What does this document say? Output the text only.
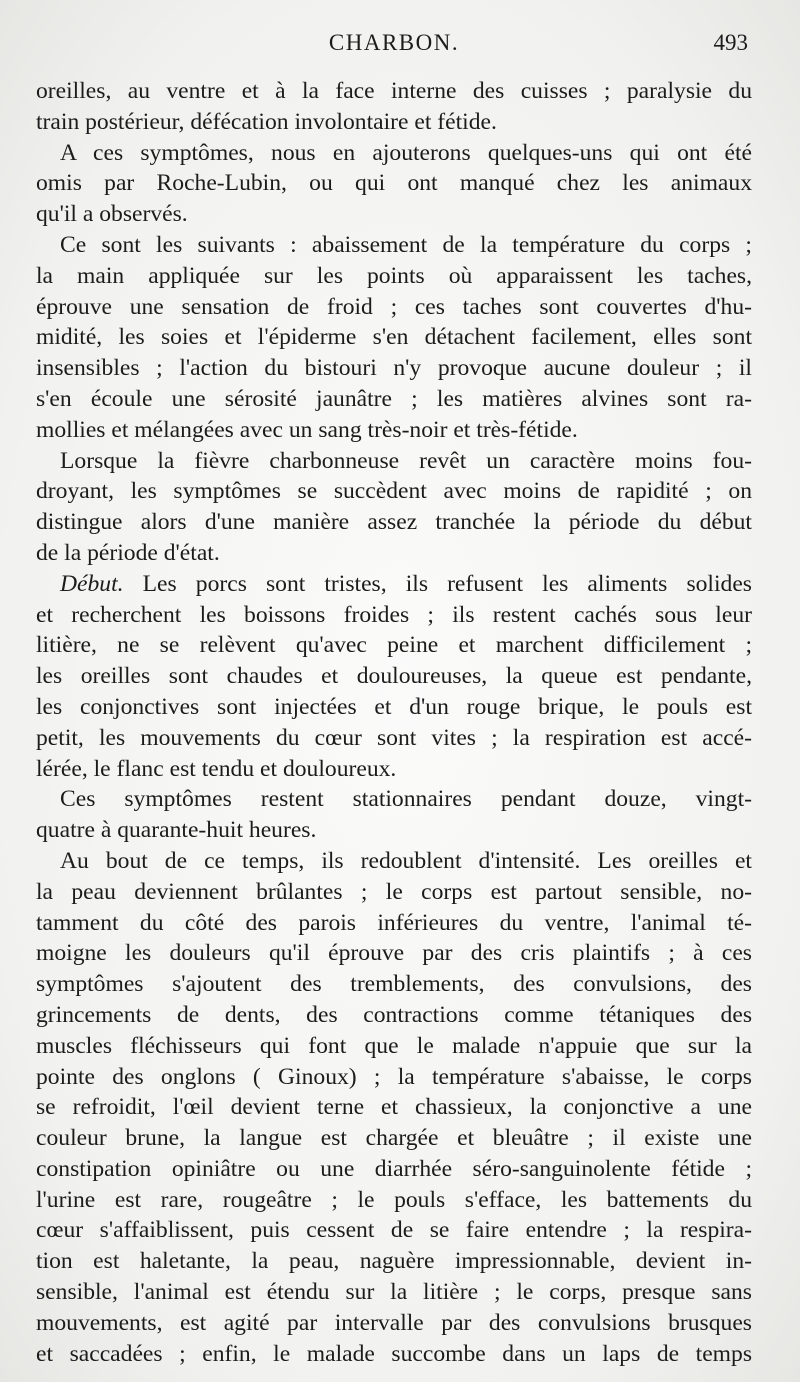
CHARBON.	493
oreilles, au ventre et à la face interne des cuisses ; paralysie du
train postérieur, défécation involontaire et fétide.
A ces symptômes, nous en ajouterons quelques-uns qui ont été
omis par Roche-Lubin, ou qui ont manqué chez les animaux
qu'il a observés.
Ce sont les suivants : abaissement de la température du corps ;
la main appliquée sur les points où apparaissent les taches,
éprouve une sensation de froid ; ces taches sont couvertes d'hu-
midité, les soies et l'épiderme s'en détachent facilement, elles sont
insensibles ; l'action du bistouri n'y provoque aucune douleur ; il
s'en écoule une sérosité jaunâtre ; les matières alvines sont ra-
mollies et mélangées avec un sang très-noir et très-fétide.
Lorsque la fièvre charbonneuse revêt un caractère moins fou-
droyant, les symptômes se succèdent avec moins de rapidité ; on
distingue alors d'une manière assez tranchée la période du début
de la période d'état.
Début. Les porcs sont tristes, ils refusent les aliments solides
et recherchent les boissons froides ; ils restent cachés sous leur
litière, ne se relèvent qu'avec peine et marchent difficilement ;
les oreilles sont chaudes et douloureuses, la queue est pendante,
les conjonctives sont injectées et d'un rouge brique, le pouls est
petit, les mouvements du cœur sont vites ; la respiration est accé-
lérée, le flanc est tendu et douloureux.
Ces symptômes restent stationnaires pendant douze, vingt-
quatre à quarante-huit heures.
Au bout de ce temps, ils redoublent d'intensité. Les oreilles et
la peau deviennent brûlantes ; le corps est partout sensible, no-
tamment du côté des parois inférieures du ventre, l'animal té-
moigne les douleurs qu'il éprouve par des cris plaintifs ; à ces
symptômes s'ajoutent des tremblements, des convulsions, des
grincements de dents, des contractions comme tétaniques des
muscles fléchisseurs qui font que le malade n'appuie que sur la
pointe des onglons ( Ginoux) ; la température s'abaisse, le corps
se refroidit, l'œil devient terne et chassieux, la conjonctive a une
couleur brune, la langue est chargée et bleuâtre ; il existe une
constipation opiniâtre ou une diarrhée séro-sanguinolente fétide ;
l'urine est rare, rougeâtre ; le pouls s'efface, les battements du
cœur s'affaiblissent, puis cessent de se faire entendre ; la respira-
tion est haletante, la peau, naguère impressionnable, devient in-
sensible, l'animal est étendu sur la litière ; le corps, presque sans
mouvements, est agité par intervalle par des convulsions brusques
et saccadées ; enfin, le malade succombe dans un laps de temps
